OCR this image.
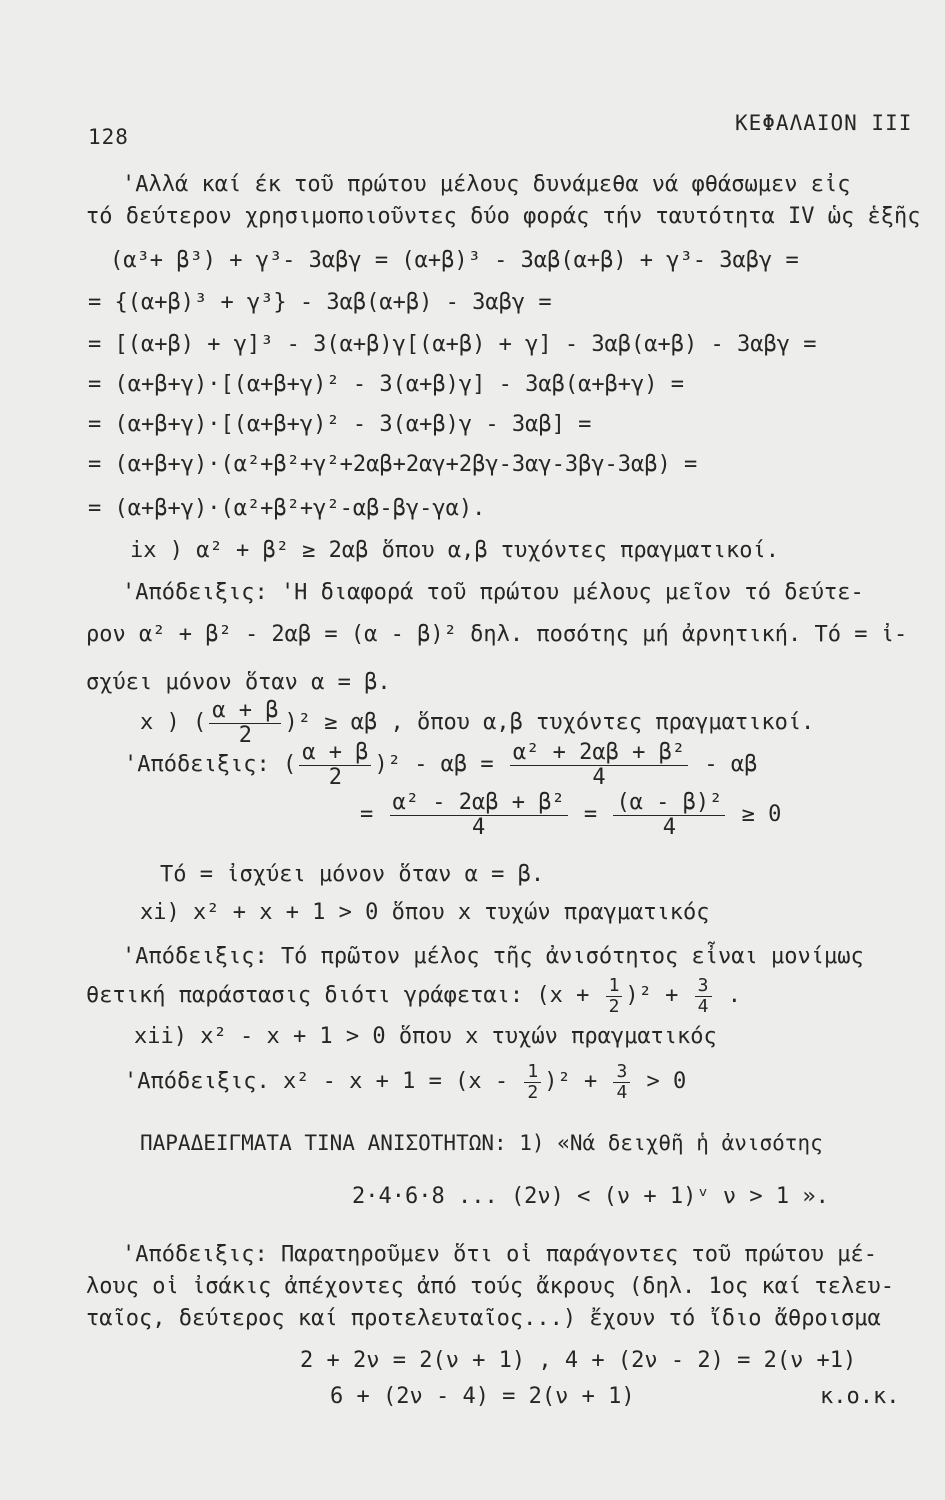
128
ΚΕΦΑΛΑΙΟΝ III
'Αλλά καί έκ τοῦ πρώτου μέλους δυνάμεθα νά φθάσωμεν εἰς
τό δεύτερον χρησιμοποιοῦντες δύο φοράς τήν ταυτότητα IV ὡς ἑξῆς
(α³+ β³) + γ³- 3αβγ = (α+β)³ - 3αβ(α+β) + γ³- 3αβγ =
= {(α+β)³ + γ³} - 3αβ(α+β) - 3αβγ =
= [(α+β) + γ]³ - 3(α+β)γ[(α+β) + γ] - 3αβ(α+β) - 3αβγ =
= (α+β+γ)·[(α+β+γ)² - 3(α+β)γ] - 3αβ(α+β+γ) =
= (α+β+γ)·[(α+β+γ)² - 3(α+β)γ - 3αβ] =
= (α+β+γ)·(α²+β²+γ²+2αβ+2αγ+2βγ-3αγ-3βγ-3αβ) =
= (α+β+γ)·(α²+β²+γ²-αβ-βγ-γα).
ix ) α² + β² ≥ 2αβ ὅπου α,β τυχόντες πραγματικοί.
'Απόδειξις: 'Η διαφορά τοῦ πρώτου μέλους μεῖον τό δεύτε-
ρον α² + β² - 2αβ = (α - β)² δηλ. ποσότης μή ἀρνητική. Τό = ἰ-
σχύει μόνον ὅταν α = β.
x ) ( $\frac{\alpha + \beta}{2} )^2 \ge \alpha\beta$ , ὅπου α,β τυχόντες πραγματικοί.
'Απόδειξις: ( $\frac{\alpha + \beta}{2} )^2 - \alpha\beta = \frac{\text{α² + 2αβ + β²}}{4} - \alpha\beta$
= $\frac{\text{α² - 2αβ + β²}}{4} = \frac{\text{(α - β)²}}{4} \ge 0$
Τό = ἰσχύει μόνον ὅταν α = β.
xi) x² + x + 1 > 0 ὅπου x τυχών πραγματικός
'Απόδειξις: Τό πρῶτον μέλος τῆς ἀνισότητος εἶναι μονίμως
θετική παράστασις διότι γράφεται: $(x + \frac{1}{2} )^2 + \frac{3}{4}$ .
xii) x² - x + 1 > 0 ὅπου x τυχών πραγματικός
'Απόδειξις. $x^2 - x + 1 = (x - \frac{1}{2} )^2 + \frac{3}{4} > 0$
ΠΑΡΑΔΕΙΓΜΑΤΑ ΤΙΝΑ ΑΝΙΣΟΤΗΤΩΝ: 1) «Νά δειχθῆ ἡ ἀνισότης
2·4·6·8 ... (2ν) < (ν + 1)ᵛ ν > 1 ».
'Απόδειξις: Παρατηροῦμεν ὅτι οἱ παράγοντες τοῦ πρώτου μέ-
λους οἱ ἰσάκις ἀπέχοντες ἀπό τούς ἄκρους (δηλ. 1ος καί τελευ-
ταῖος, δεύτερος καί προτελευταῖος...) ἔχουν τό ἴδιο ἄθροισμα
2 + 2ν = 2(ν + 1) , 4 + (2ν - 2) = 2(ν +1)
6 + (2ν - 4) = 2(ν + 1)	κ.ο.κ.
